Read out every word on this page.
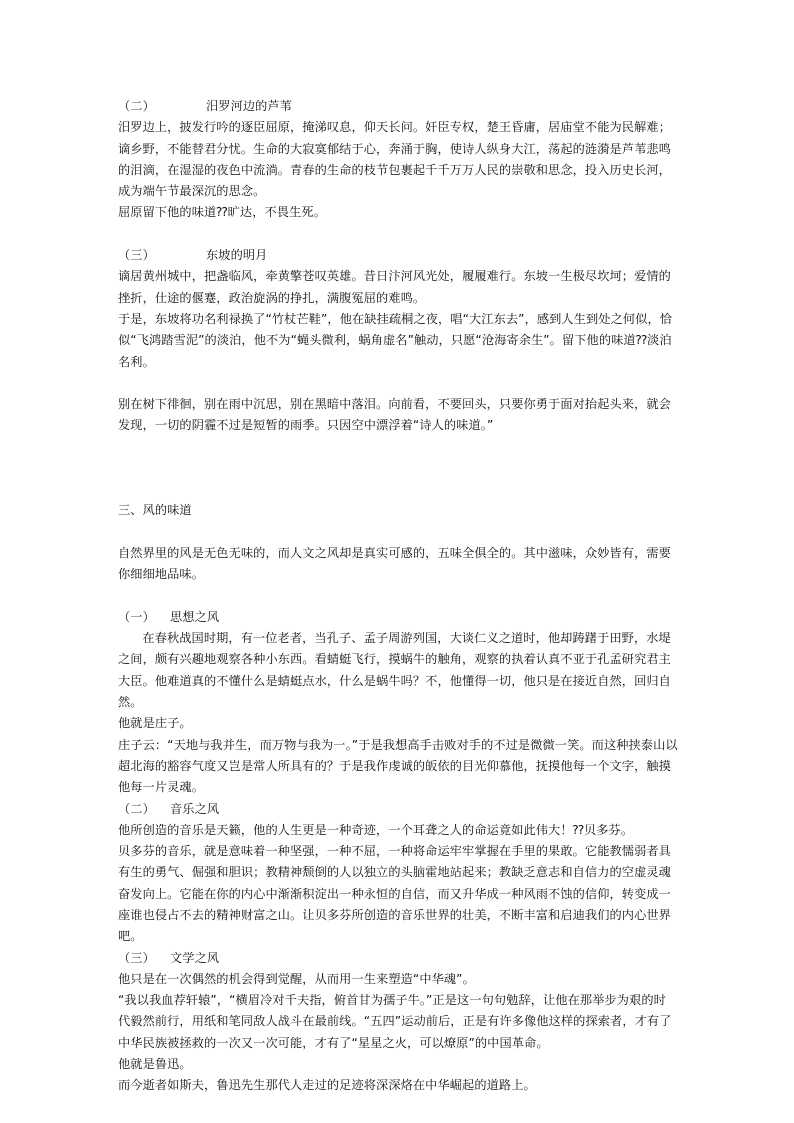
（二）	汨罗河边的芦苇

汨罗边上，披发行吟的逐臣屈原，掩涕叹息，仰天长问。奸臣专权，楚王昏庸，居庙堂不能为民解难；谪乡野，不能替君分忧。生命的大寂寞郁结于心，奔涌于胸，使诗人纵身大江，荡起的涟漪是芦苇悲鸣的泪滴，在湿湿的夜色中流淌。青春的生命的枝节包裹起千千万万人民的崇敬和思念，投入历史长河，成为端午节最深沉的思念。

屈原留下他的味道⁇旷达，不畏生死。

（三）	东坡的明月

谪居黄州城中，把盏临风，牵黄擎苍叹英雄。昔日汴河风光处，履履难行。东坡一生极尽坎坷；爱情的挫折，仕途的偃蹇，政治旋涡的挣扎，满腹冤屈的难鸣。

于是，东坡将功名利禄换了“竹杖芒鞋”，他在缺挂疏桐之夜，唱“大江东去”，感到人生到处之何似，恰似“飞鸿踏雪泥”的淡泊，他不为“蝇头微利，蜗角虚名”触动，只愿“沧海寄余生”。留下他的味道⁇淡泊名利。

别在树下徘徊，别在雨中沉思，别在黑暗中落泪。向前看，不要回头，只要你勇于面对抬起头来，就会发现，一切的阴霾不过是短暂的雨季。只因空中漂浮着“诗人的味道。”

三、风的味道

自然界里的风是无色无味的，而人文之风却是真实可感的，五味全俱全的。其中滋味，众妙皆有，需要你细细地品味。

（一） 思想之风

在春秋战国时期，有一位老者，当孔子、孟子周游列国，大谈仁义之道时，他却踌躇于田野，水堤之间，颇有兴趣地观察各种小东西。看蜻蜓飞行，摸蜗牛的触角，观察的执着认真不亚于孔孟研究君主大臣。他难道真的不懂什么是蜻蜓点水，什么是蜗牛吗？不，他懂得一切，他只是在接近自然，回归自然。

他就是庄子。

庄子云：“天地与我并生，而万物与我为一。”于是我想高手击败对手的不过是微微一笑。而这种挟泰山以超北海的豁容气度又岂是常人所具有的？于是我作虔诚的皈依的目光仰慕他，抚摸他每一个文字，触摸他每一片灵魂。

（二） 音乐之风

他所创造的音乐是天籁，他的人生更是一种奇迹，一个耳聋之人的命运竟如此伟大！⁇贝多芬。

贝多芬的音乐，就是意味着一种坚强，一种不屈，一种将命运牢牢掌握在手里的果敢。它能教懦弱者具有生的勇气、倔强和胆识；教精神颓倒的人以独立的头脑霍地站起来；教缺乏意志和自信力的空虚灵魂奋发向上。它能在你的内心中渐渐积淀出一种永恒的自信，而又升华成一种风雨不蚀的信仰，转变成一座谁也侵占不去的精神财富之山。让贝多芬所创造的音乐世界的壮美，不断丰富和启迪我们的内心世界吧。

（三） 文学之风

他只是在一次偶然的机会得到觉醒，从而用一生来塑造“中华魂”。

“我以我血荐轩辕”，“横眉冷对千夫指，俯首甘为孺子牛。”正是这一句句勉辞，让他在那举步为艰的时代毅然前行，用纸和笔同敌人战斗在最前线。“五四”运动前后，正是有许多像他这样的探索者，才有了中华民族被拯救的一次又一次可能，才有了“星星之火，可以燎原”的中国革命。

他就是鲁迅。

而今逝者如斯夫，鲁迅先生那代人走过的足迹将深深烙在中华崛起的道路上。
